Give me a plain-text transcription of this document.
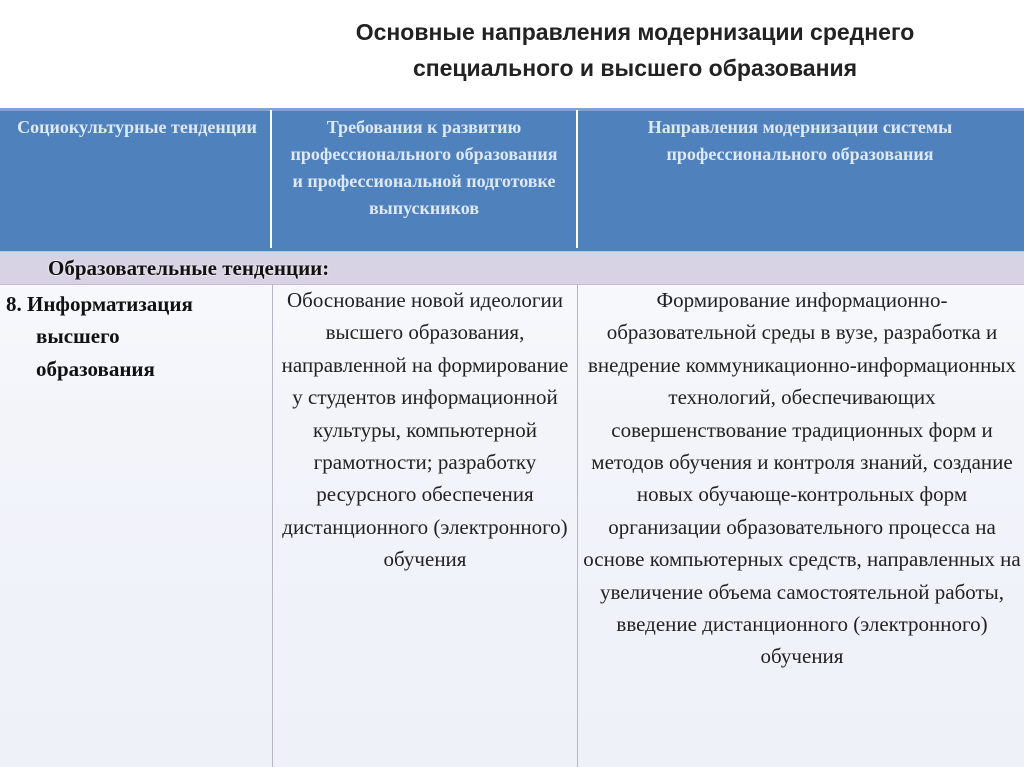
Основные направления модернизации среднего
специального и высшего образования
Социокультурные тенденции	Требования к развитию профессионального образования и профессиональной подготовке выпускников
Направления модернизации системы профессионального образования
Образовательные тенденции:
8. Информатизация
высшего
образования
Обоснование новой идеологии высшего образования, направленной на формирование у студентов информационной культуры, компьютерной грамотности; разработку ресурсного обеспечения дистанционного (электронного) обучения
Формирование информационно-образовательной среды в вузе, разработка и внедрение коммуникационно-информационных технологий, обеспечивающих совершенствование традиционных форм и методов обучения и контроля знаний, создание новых обучающе-контрольных форм организации образовательного процесса на основе компьютерных средств, направленных на увеличение объема самостоятельной работы, введение дистанционного (электронного) обучения
